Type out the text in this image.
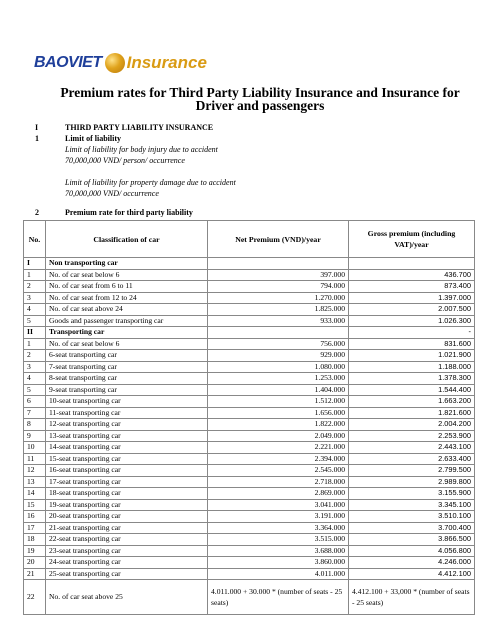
BAOVIET Insurance
Premium rates for Third Party Liability Insurance and Insurance for Driver and passengers
I	THIRD PARTY LIABILITY INSURANCE
1	Limit of liability
Limit of liability for body injury due to accident
70,000,000 VND/ person/ occurrence
Limit of liability for property damage due to accident
70,000,000 VND/ occurrence
2	Premium rate for third party liability
No.	Classification of car	Net Premium (VND)/year	Gross premium (including VAT)/year
I	Non transporting car		
1	No. of car seat below 6	397.000	436.700
2	No. of car seat from 6 to 11	794.000	873.400
3	No. of car seat from 12 to 24	1.270.000	1.397.000
4	No. of car seat above 24	1.825.000	2.007.500
5	Goods and passenger transporting car	933.000	1.026.300
II	Transporting car		-
1	No. of car seat below 6	756.000	831.600
2	6-seat transporting car	929.000	1.021.900
3	7-seat transporting car	1.080.000	1.188.000
4	8-seat transporting car	1.253.000	1.378.300
5	9-seat transporting car	1.404.000	1.544.400
6	10-seat transporting car	1.512.000	1.663.200
7	11-seat transporting car	1.656.000	1.821.600
8	12-seat transporting car	1.822.000	2.004.200
9	13-seat transporting car	2.049.000	2.253.900
10	14-seat transporting car	2.221.000	2.443.100
11	15-seat transporting car	2.394.000	2.633.400
12	16-seat transporting car	2.545.000	2.799.500
13	17-seat transporting car	2.718.000	2.989.800
14	18-seat transporting car	2.869.000	3.155.900
15	19-seat transporting car	3.041.000	3.345.100
16	20-seat transporting car	3.191.000	3.510.100
17	21-seat transporting car	3.364.000	3.700.400
18	22-seat transporting car	3.515.000	3.866.500
19	23-seat transporting car	3.688.000	4.056.800
20	24-seat transporting car	3.860.000	4.246.000
21	25-seat transporting car	4.011.000	4.412.100
22	No. of car seat above 25	4.011.000 + 30.000 * (number of seats - 25 seats)	4.412.100 + 33,000 * (number of seats - 25 seats)
